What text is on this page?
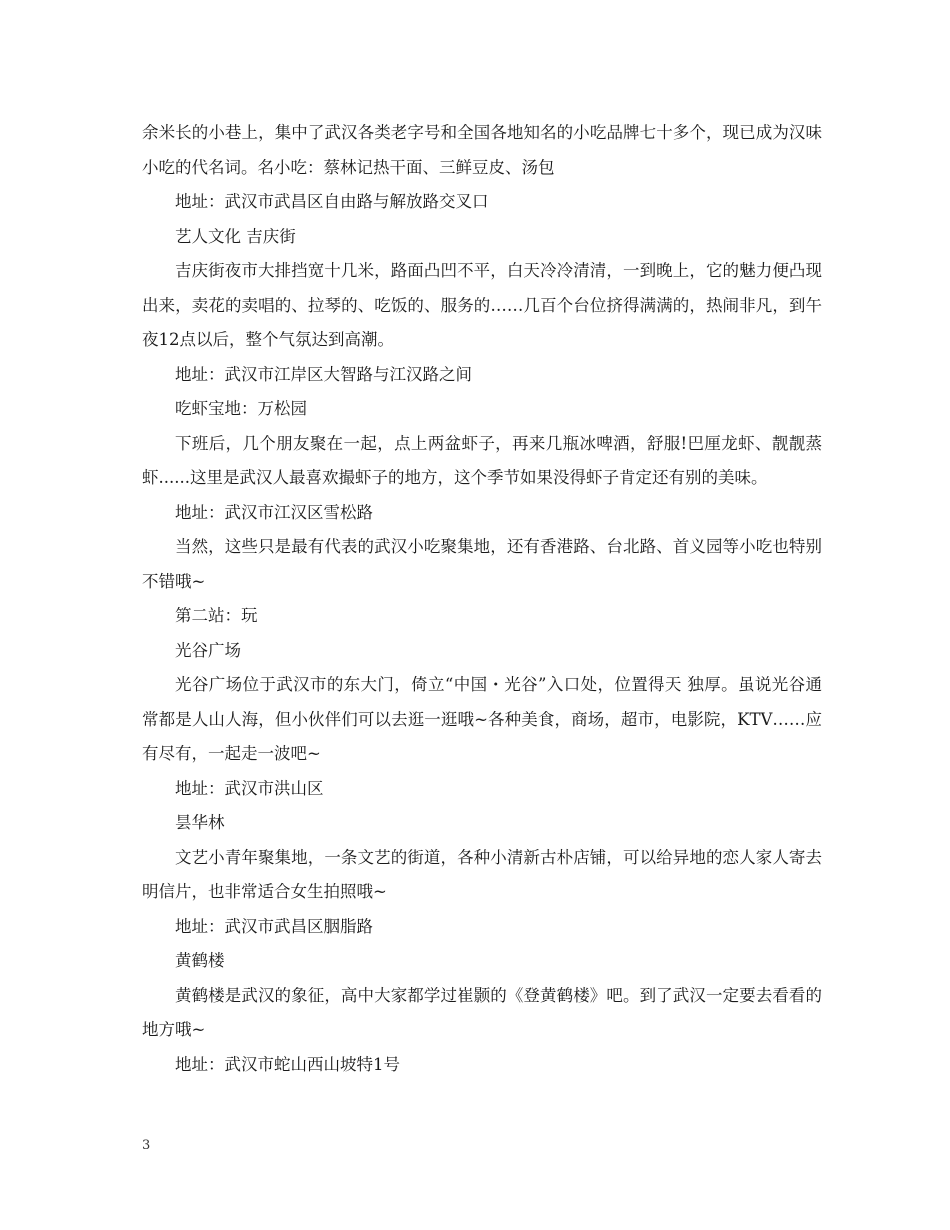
余米长的小巷上，集中了武汉各类老字号和全国各地知名的小吃品牌七十多个，现已成为汉味小吃的代名词。名小吃：蔡林记热干面、三鲜豆皮、汤包

地址：武汉市武昌区自由路与解放路交叉口

艺人文化 吉庆街

吉庆街夜市大排挡宽十几米，路面凸凹不平，白天冷冷清清，一到晚上，它的魅力便凸现出来，卖花的卖唱的、拉琴的、吃饭的、服务的……几百个台位挤得满满的，热闹非凡，到午夜12点以后，整个气氛达到高潮。

地址：武汉市江岸区大智路与江汉路之间

吃虾宝地：万松园

下班后，几个朋友聚在一起，点上两盆虾子，再来几瓶冰啤酒，舒服!巴厘龙虾、靓靓蒸虾......这里是武汉人最喜欢撮虾子的地方，这个季节如果没得虾子肯定还有别的美味。

地址：武汉市江汉区雪松路

当然，这些只是最有代表的武汉小吃聚集地，还有香港路、台北路、首义园等小吃也特别不错哦~

第二站：玩

光谷广场

光谷广场位于武汉市的东大门，倚立“中国・光谷”入口处，位置得天 独厚。虽说光谷通常都是人山人海，但小伙伴们可以去逛一逛哦~各种美食，商场，超市，电影院，KTV……应有尽有，一起走一波吧~

地址：武汉市洪山区

昙华林

文艺小青年聚集地，一条文艺的街道，各种小清新古朴店铺，可以给异地的恋人家人寄去明信片，也非常适合女生拍照哦~

地址：武汉市武昌区胭脂路

黄鹤楼

黄鹤楼是武汉的象征，高中大家都学过崔颢的《登黄鹤楼》吧。到了武汉一定要去看看的地方哦~

地址：武汉市蛇山西山坡特1号

3
